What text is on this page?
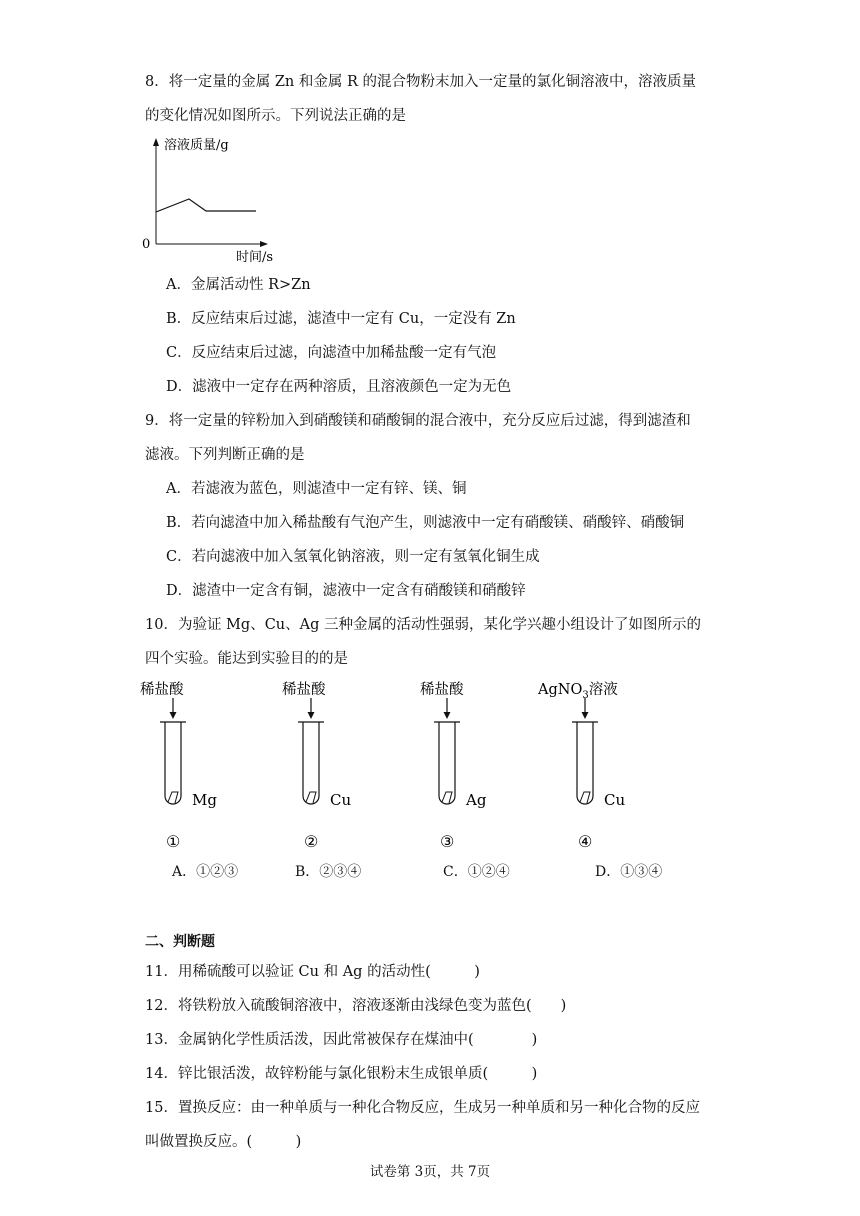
8．将一定量的金属 Zn 和金属 R 的混合物粉末加入一定量的氯化铜溶液中，溶液质量
的变化情况如图所示。下列说法正确的是
溶液质量/g
0
时间/s
A．金属活动性 R>Zn
B．反应结束后过滤，滤渣中一定有 Cu，一定没有 Zn
C．反应结束后过滤，向滤渣中加稀盐酸一定有气泡
D．滤液中一定存在两种溶质，且溶液颜色一定为无色
9．将一定量的锌粉加入到硝酸镁和硝酸铜的混合液中，充分反应后过滤，得到滤渣和
滤液。下列判断正确的是
A．若滤液为蓝色，则滤渣中一定有锌、镁、铜
B．若向滤渣中加入稀盐酸有气泡产生，则滤液中一定有硝酸镁、硝酸锌、硝酸铜
C．若向滤液中加入氢氧化钠溶液，则一定有氢氧化铜生成
D．滤渣中一定含有铜，滤液中一定含有硝酸镁和硝酸锌
10．为验证 Mg、Cu、Ag 三种金属的活动性强弱，某化学兴趣小组设计了如图所示的
四个实验。能达到实验目的的是
稀盐酸
Mg
①
稀盐酸
Cu
②
稀盐酸
Ag
③
AgNO$_3$溶液
Cu
④
A．①②③	B．②③④	C．①②④	D．①③④
二、判断题
11．用稀硫酸可以验证 Cu 和 Ag 的活动性(　　　)
12．将铁粉放入硫酸铜溶液中，溶液逐渐由浅绿色变为蓝色(　　)
13．金属钠化学性质活泼，因此常被保存在煤油中(　　　　)
14．锌比银活泼，故锌粉能与氯化银粉末生成银单质(　　　)
15．置换反应：由一种单质与一种化合物反应，生成另一种单质和另一种化合物的反应
叫做置换反应。(　　　)
试卷第 3页，共 7页
